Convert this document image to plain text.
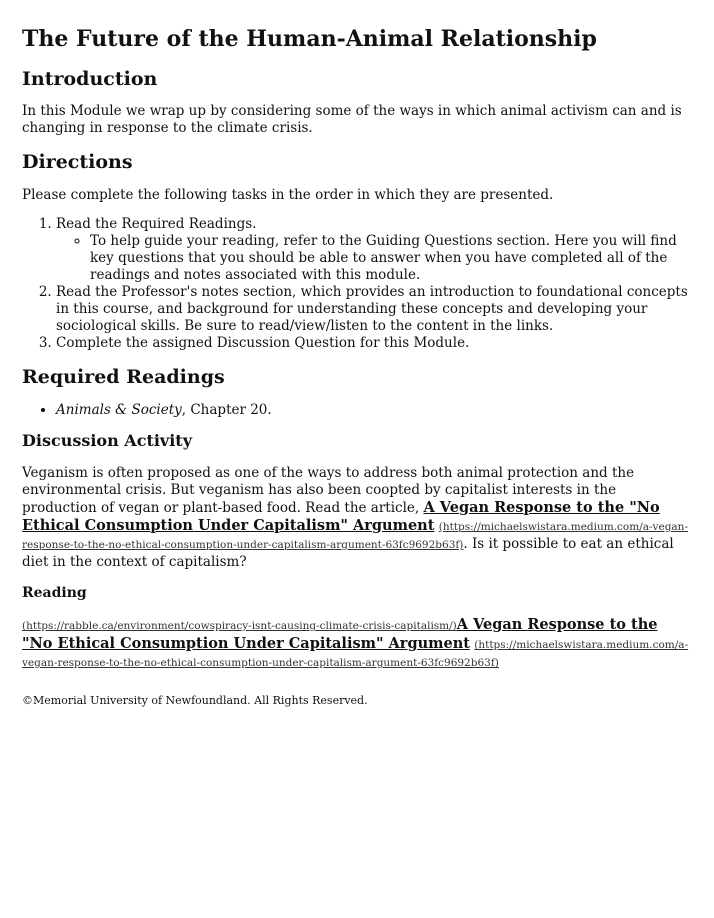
The Future of the Human-Animal Relationship
Introduction

In this Module we wrap up by considering some of the ways in which animal activism can and is changing in response to the climate crisis.

Directions

Please complete the following tasks in the order in which they are presented.

1. Read the Required Readings.
◦ To help guide your reading, refer to the Guiding Questions section. Here you will find key questions that you should be able to answer when you have completed all of the readings and notes associated with this module.
2. Read the Professor's notes section, which provides an introduction to foundational concepts in this course, and background for understanding these concepts and developing your sociological skills. Be sure to read/view/listen to the content in the links.
3. Complete the assigned Discussion Question for this Module.
Required Readings
• Animals & Society, Chapter 20.
Discussion Activity

Veganism is often proposed as one of the ways to address both animal protection and the environmental crisis. But veganism has also been coopted by capitalist interests in the production of vegan or plant-based food. Read the article, A Vegan Response to the "No Ethical Consumption Under Capitalism" Argument (https://michaelswistara.medium.com/a-vegan-response-to-the-no-ethical-consumption-under-capitalism-argument-63fc9692b63f). Is it possible to eat an ethical diet in the context of capitalism?

Reading

(https://rabble.ca/environment/cowspiracy-isnt-causing-climate-crisis-capitalism/)A Vegan Response to the "No Ethical Consumption Under Capitalism" Argument (https://michaelswistara.medium.com/a-vegan-response-to-the-no-ethical-consumption-under-capitalism-argument-63fc9692b63f)

©Memorial University of Newfoundland. All Rights Reserved.
